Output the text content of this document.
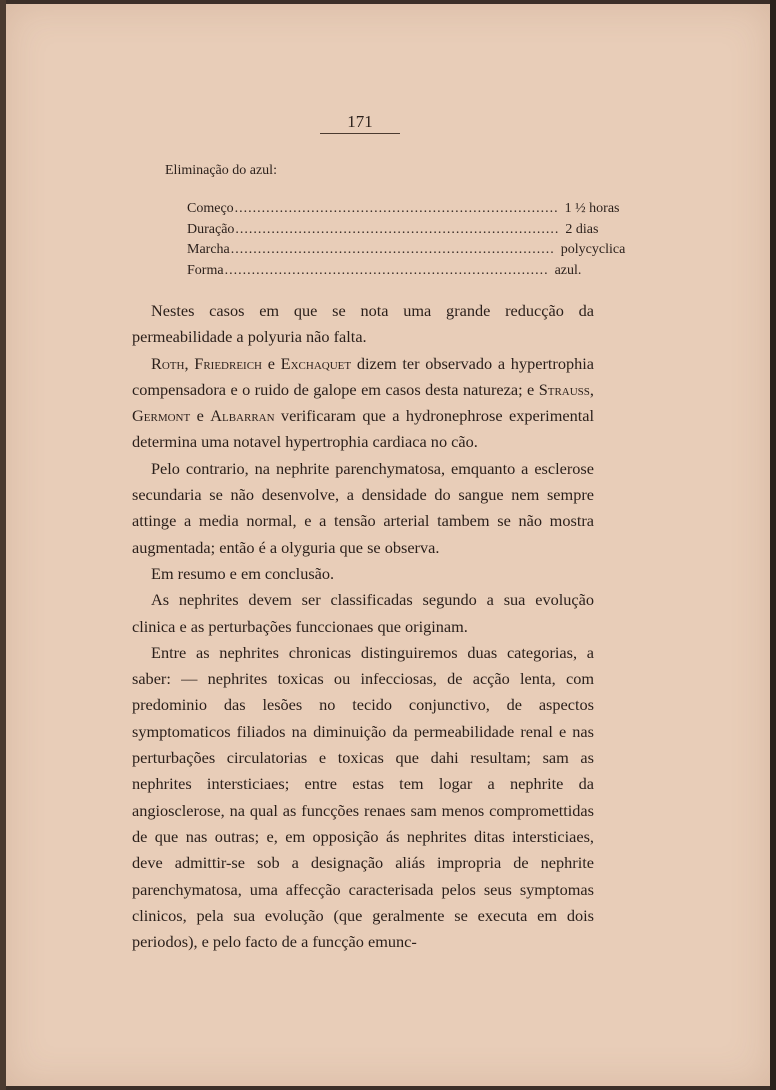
171
Eliminação do azul:
Começo ........................................................................ 1 ½ horas
Duração ........................................................................ 2 dias
Marcha ........................................................................ polycyclica
Forma ........................................................................ azul.

Nestes casos em que se nota uma grande reducção da permeabilidade a polyuria não falta.

Roth, Friedreich e Exchaquet dizem ter observado a hypertrophia compensadora e o ruido de galope em casos desta natureza; e Strauss, Germont e Albarran verificaram que a hydronephrose experimental determina uma notavel hypertrophia cardiaca no cão.

Pelo contrario, na nephrite parenchymatosa, emquanto a esclerose secundaria se não desenvolve, a densidade do sangue nem sempre attinge a media normal, e a tensão arterial tambem se não mostra augmentada; então é a olyguria que se observa.

Em resumo e em conclusão.

As nephrites devem ser classificadas segundo a sua evolução clinica e as perturbações funccionaes que originam.

Entre as nephrites chronicas distinguiremos duas categorias, a saber: — nephrites toxicas ou infecciosas, de acção lenta, com predominio das lesões no tecido conjunctivo, de aspectos symptomaticos filiados na diminuição da permeabilidade renal e nas perturbações circulatorias e toxicas que dahi resultam; sam as nephrites intersticiaes; entre estas tem logar a nephrite da angiosclerose, na qual as funcções renaes sam menos compromettidas de que nas outras; e, em opposição ás nephrites ditas intersticiaes, deve admittir-se sob a designação aliás impropria de nephrite parenchymatosa, uma affecção caracterisada pelos seus symptomas clinicos, pela sua evolução (que geralmente se executa em dois periodos), e pelo facto de a funcção emunc-
